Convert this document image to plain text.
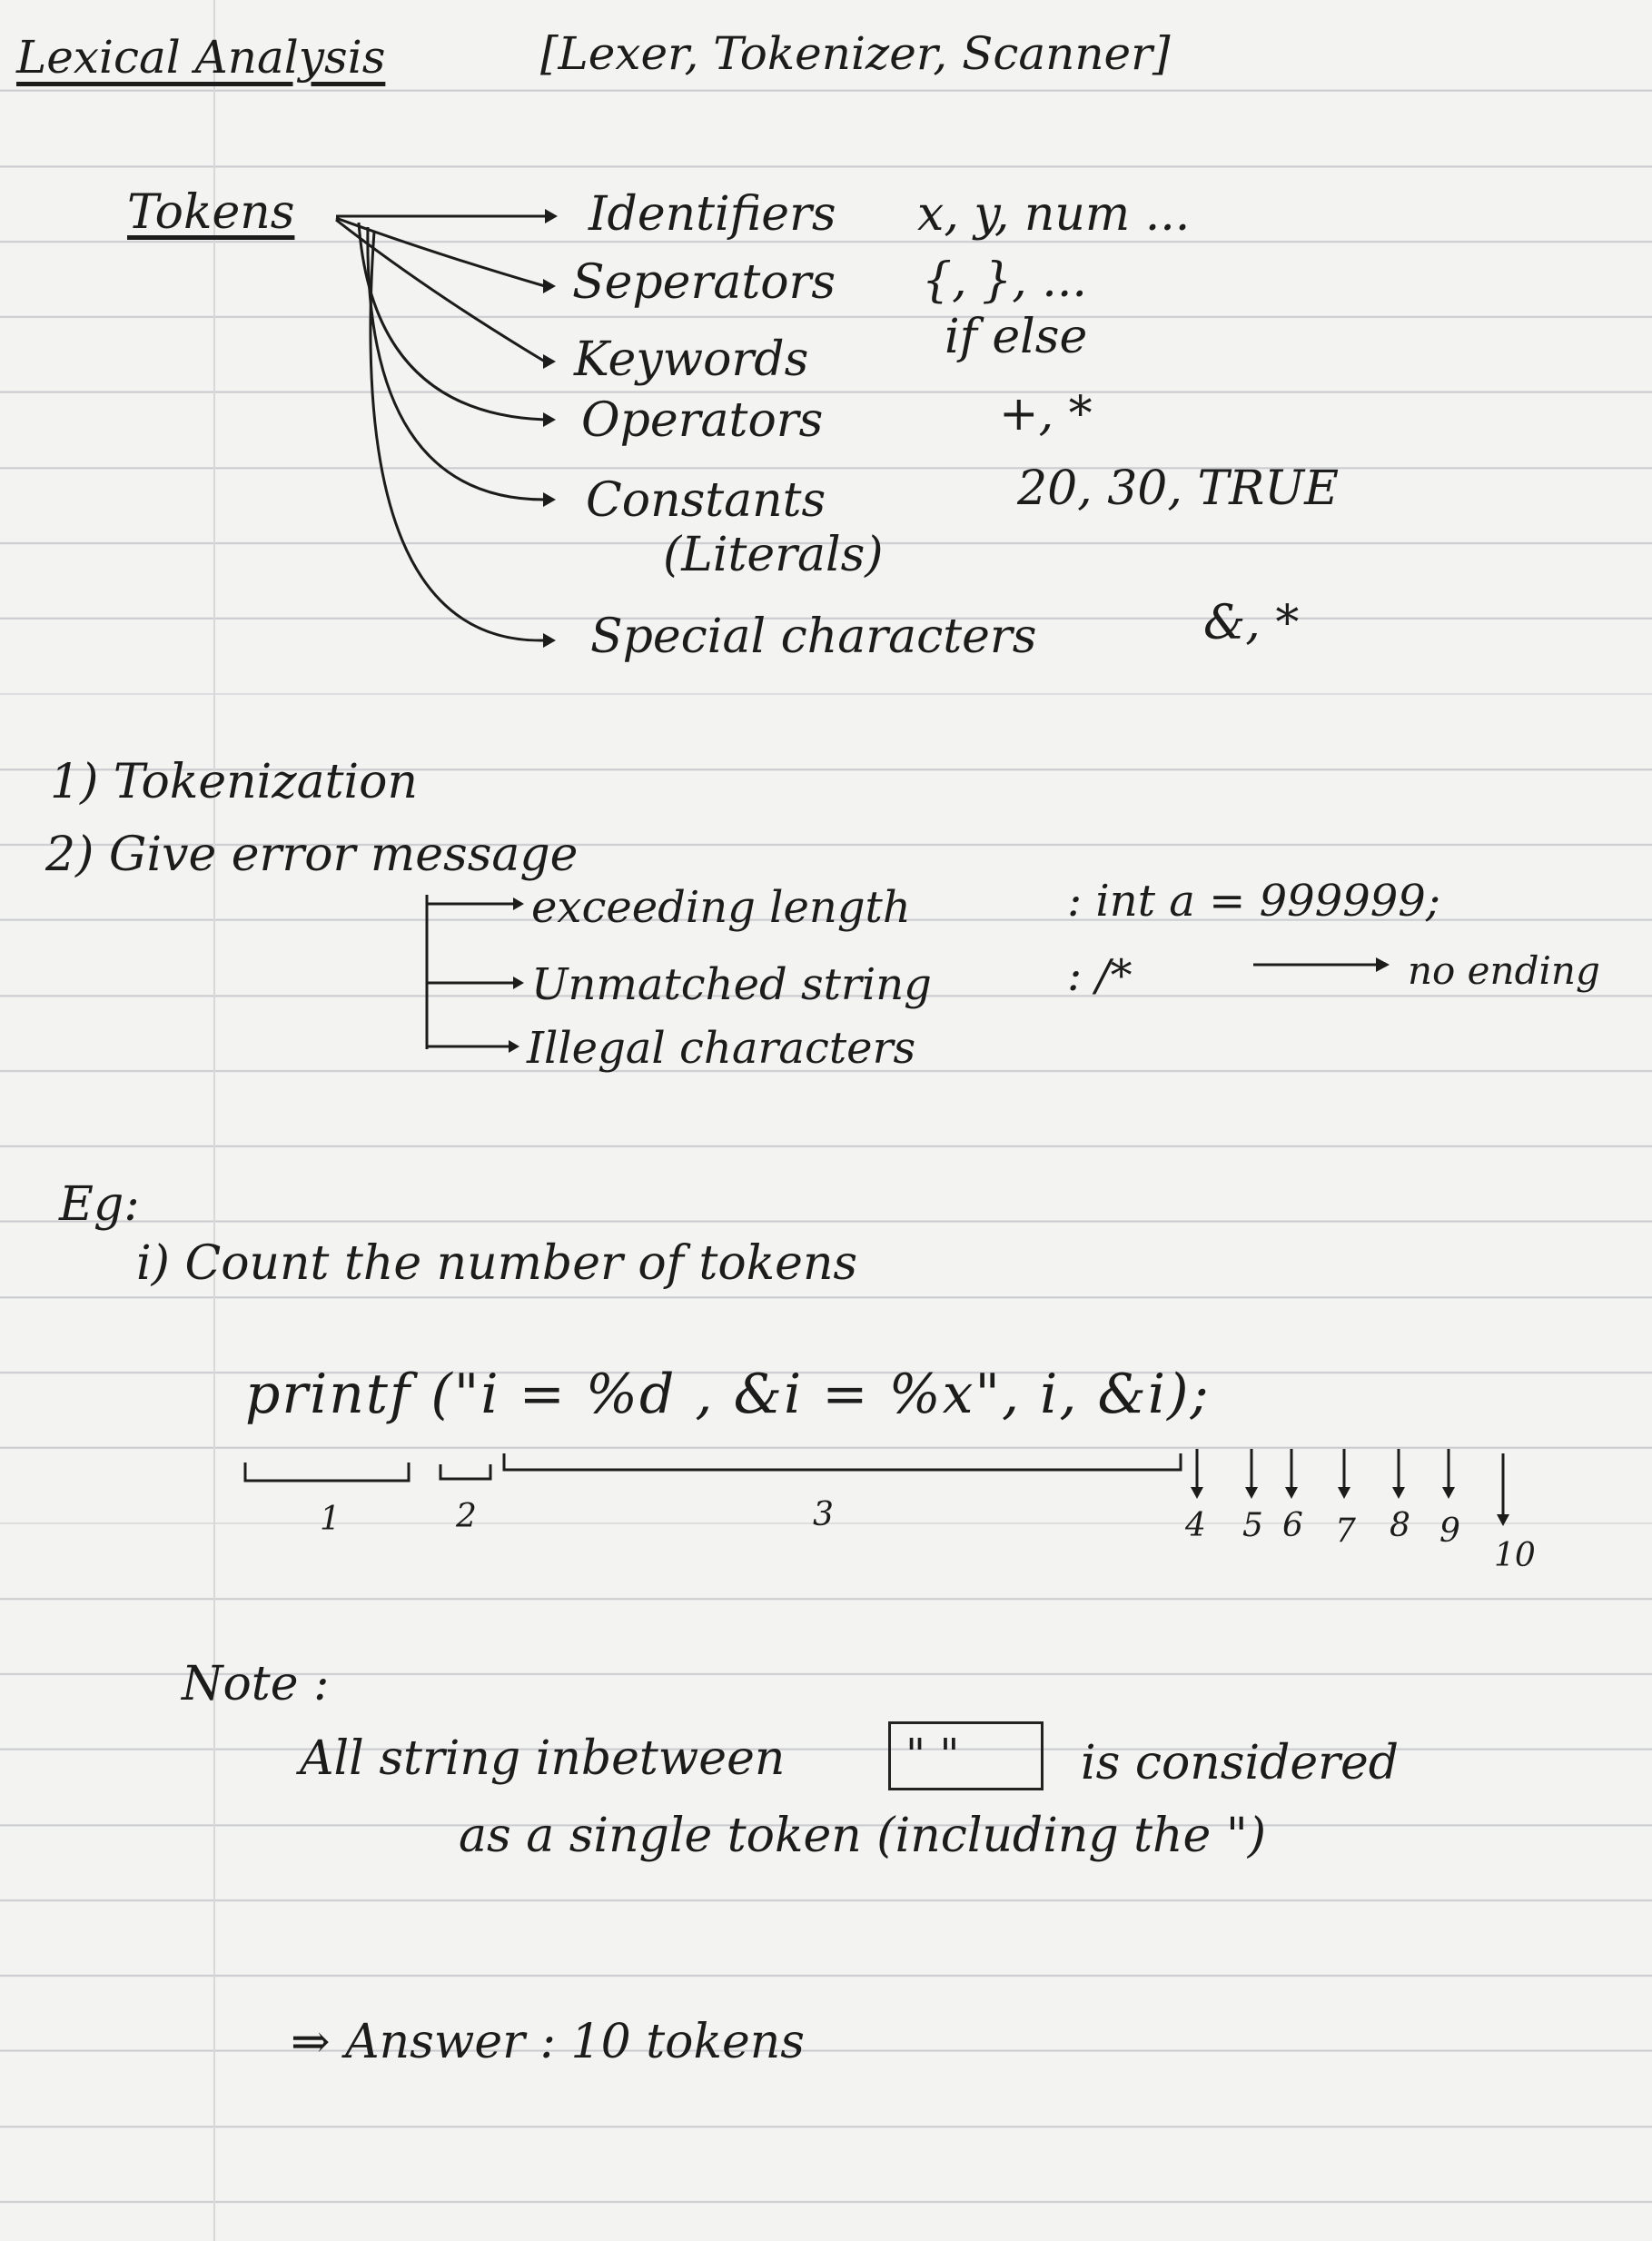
Lexical Analysis	[Lexer, Tokenizer, Scanner]
Tokens	Identifiers x, y, num ...
Seperators {, }, ...
Keywords	if else
Operators	+, *
Constants	20, 30, TRUE
(Literals)
Special characters	&, *
1) Tokenization
2) Give error message
exceeding length	: int a = 999999;
Unmatched string	: /*	no ending
Illegal characters
Eg:
i) Count the number of tokens
printf ("i = %d , &i = %x", i, &i);
1	2	3	4 5 6 7 8 9
10
Note :
All string inbetween	" "	is considered
as a single token (including the ")
⇒ Answer : 10 tokens
